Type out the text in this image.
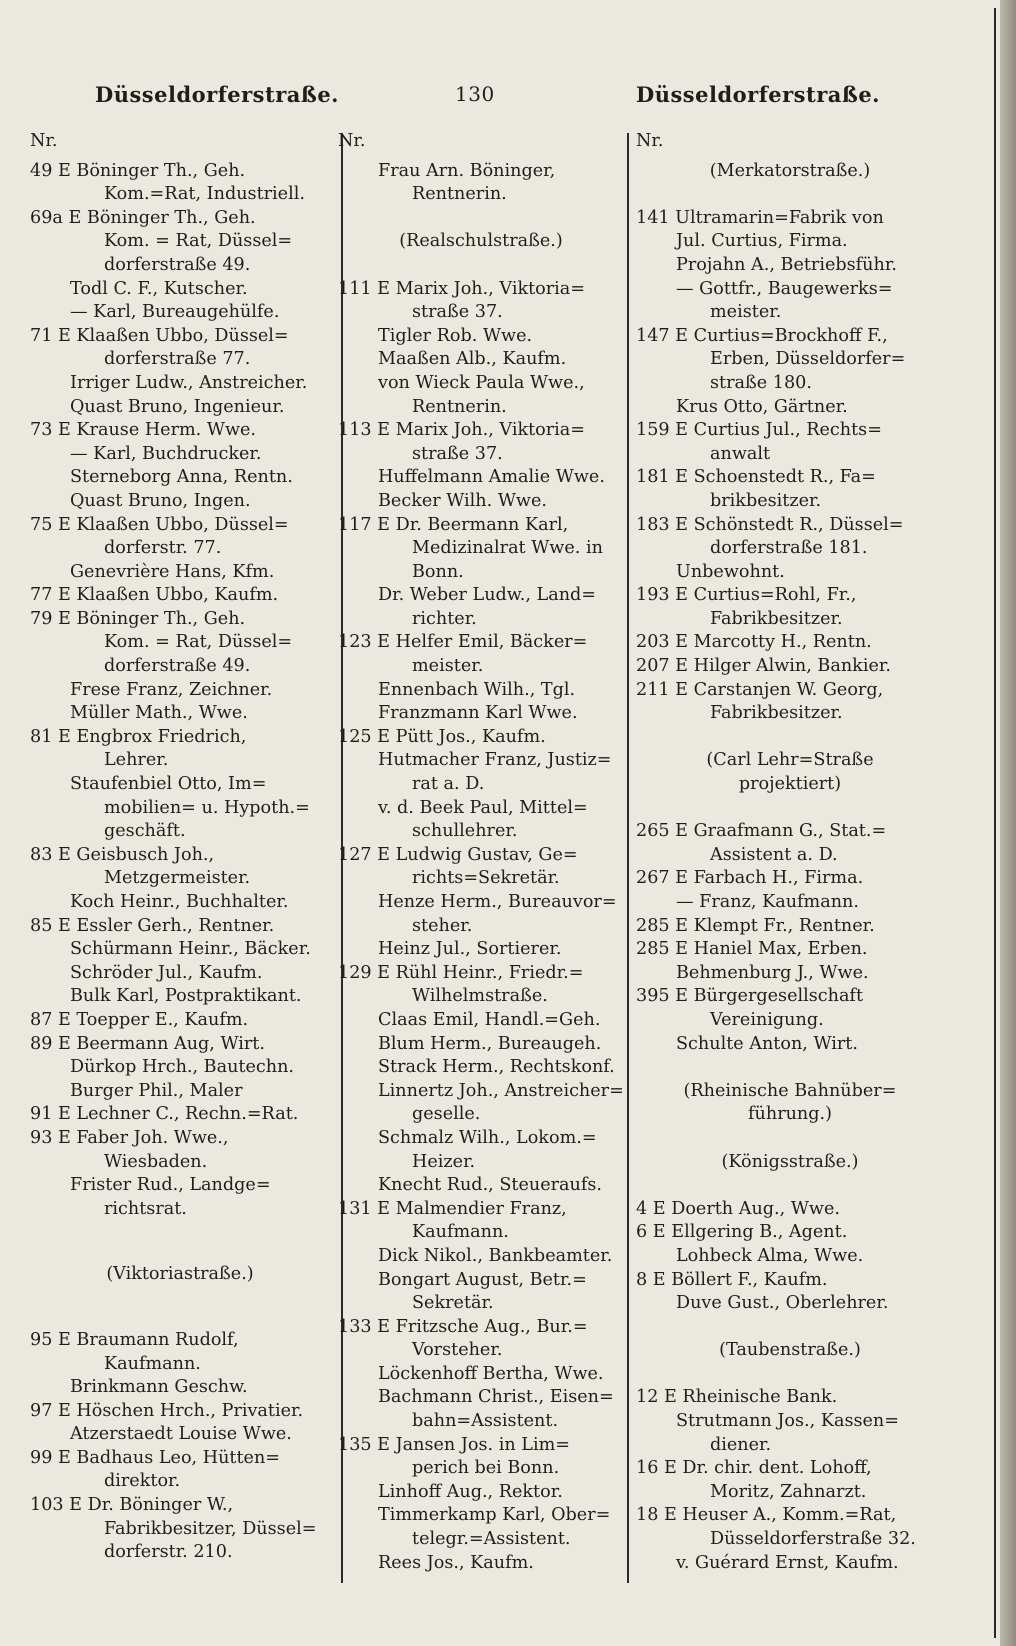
Düsseldorferstraße.	130	Düsseldorferstraße.
Nr.
49 E Böninger Th., Geh.
Kom.=Rat, Industriell.
69a E Böninger Th., Geh.
Kom. = Rat, Düssel=
dorferstraße 49.
Todl C. F., Kutscher.
— Karl, Bureaugehülfe.
71 E Klaaßen Ubbo, Düssel=
dorferstraße 77.
Irriger Ludw., Anstreicher.
Quast Bruno, Ingenieur.
73 E Krause Herm. Wwe.
— Karl, Buchdrucker.
Sterneborg Anna, Rentn.
Quast Bruno, Ingen.
75 E Klaaßen Ubbo, Düssel=
dorferstr. 77.
Genevrière Hans, Kfm.
77 E Klaaßen Ubbo, Kaufm.
79 E Böninger Th., Geh.
Kom. = Rat, Düssel=
dorferstraße 49.
Frese Franz, Zeichner.
Müller Math., Wwe.
81 E Engbrox Friedrich,
Lehrer.
Staufenbiel Otto, Im=
mobilien= u. Hypoth.=
geschäft.
83 E Geisbusch Joh.,
Metzgermeister.
Koch Heinr., Buchhalter.
85 E Essler Gerh., Rentner.
Schürmann Heinr., Bäcker.
Schröder Jul., Kaufm.
Bulk Karl, Postpraktikant.
87 E Toepper E., Kaufm.
89 E Beermann Aug, Wirt.
Dürkop Hrch., Bautechn.
Burger Phil., Maler
91 E Lechner C., Rechn.=Rat.
93 E Faber Joh. Wwe.,
Wiesbaden.
Frister Rud., Landge=
richtsrat.
(Viktoriastraße.)
95 E Braumann Rudolf,
Kaufmann.
Brinkmann Geschw.
97 E Höschen Hrch., Privatier.
Atzerstaedt Louise Wwe.
99 E Badhaus Leo, Hütten=
direktor.
103 E Dr. Böninger W.,
Fabrikbesitzer, Düssel=
dorferstr. 210.
Nr.
Frau Arn. Böninger,
Rentnerin.
(Realschulstraße.)
111 E Marix Joh., Viktoria=
straße 37.
Tigler Rob. Wwe.
Maaßen Alb., Kaufm.
von Wieck Paula Wwe.,
Rentnerin.
113 E Marix Joh., Viktoria=
straße 37.
Huffelmann Amalie Wwe.
Becker Wilh. Wwe.
117 E Dr. Beermann Karl,
Medizinalrat Wwe. in
Bonn.
Dr. Weber Ludw., Land=
richter.
123 E Helfer Emil, Bäcker=
meister.
Ennenbach Wilh., Tgl.
Franzmann Karl Wwe.
125 E Pütt Jos., Kaufm.
Hutmacher Franz, Justiz=
rat a. D.
v. d. Beek Paul, Mittel=
schullehrer.
127 E Ludwig Gustav, Ge=
richts=Sekretär.
Henze Herm., Bureauvor=
steher.
Heinz Jul., Sortierer.
129 E Rühl Heinr., Friedr.=
Wilhelmstraße.
Claas Emil, Handl.=Geh.
Blum Herm., Bureaugeh.
Strack Herm., Rechtskonf.
Linnertz Joh., Anstreicher=
geselle.
Schmalz Wilh., Lokom.=
Heizer.
Knecht Rud., Steueraufs.
131 E Malmendier Franz,
Kaufmann.
Dick Nikol., Bankbeamter.
Bongart August, Betr.=
Sekretär.
133 E Fritzsche Aug., Bur.=
Vorsteher.
Löckenhoff Bertha, Wwe.
Bachmann Christ., Eisen=
bahn=Assistent.
135 E Jansen Jos. in Lim=
perich bei Bonn.
Linhoff Aug., Rektor.
Timmerkamp Karl, Ober=
telegr.=Assistent.
Rees Jos., Kaufm.
Nr.
(Merkatorstraße.)
141 Ultramarin=Fabrik von
Jul. Curtius, Firma.
Projahn A., Betriebsführ.
— Gottfr., Baugewerks=
meister.
147 E Curtius=Brockhoff F.,
Erben, Düsseldorfer=
straße 180.
Krus Otto, Gärtner.
159 E Curtius Jul., Rechts=
anwalt
181 E Schoenstedt R., Fa=
brikbesitzer.
183 E Schönstedt R., Düssel=
dorferstraße 181.
Unbewohnt.
193 E Curtius=Rohl, Fr.,
Fabrikbesitzer.
203 E Marcotty H., Rentn.
207 E Hilger Alwin, Bankier.
211 E Carstanjen W. Georg,
Fabrikbesitzer.
(Carl Lehr=Straße
projektiert)
265 E Graafmann G., Stat.=
Assistent a. D.
267 E Farbach H., Firma.
— Franz, Kaufmann.
285 E Klempt Fr., Rentner.
285 E Haniel Max, Erben.
Behmenburg J., Wwe.
395 E Bürgergesellschaft
Vereinigung.
Schulte Anton, Wirt.
(Rheinische Bahnüber=
führung.)
(Königsstraße.)
4 E Doerth Aug., Wwe.
6 E Ellgering B., Agent.
Lohbeck Alma, Wwe.
8 E Böllert F., Kaufm.
Duve Gust., Oberlehrer.
(Taubenstraße.)
12 E Rheinische Bank.
Strutmann Jos., Kassen=
diener.
16 E Dr. chir. dent. Lohoff,
Moritz, Zahnarzt.
18 E Heuser A., Komm.=Rat,
Düsseldorferstraße 32.
v. Guérard Ernst, Kaufm.
